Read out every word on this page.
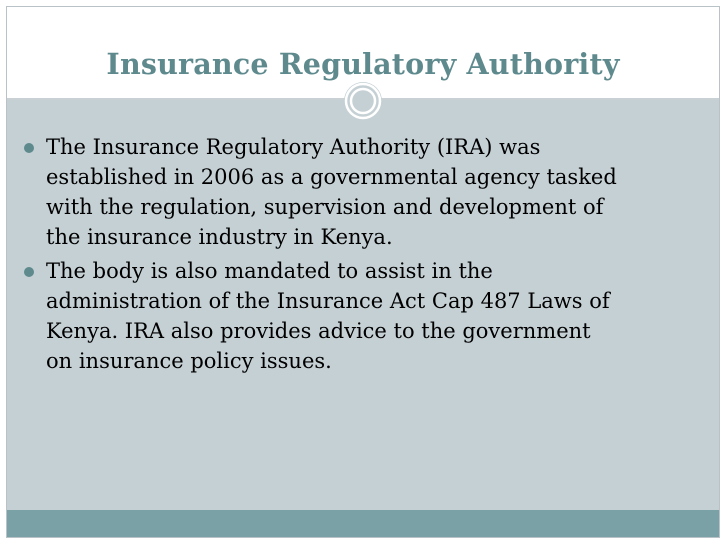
Insurance Regulatory Authority
The Insurance Regulatory Authority (IRA) was
established in 2006 as a governmental agency tasked
with the regulation, supervision and development of
the insurance industry in Kenya.
The body is also mandated to assist in the
administration of the Insurance Act Cap 487 Laws of
Kenya. IRA also provides advice to the government
on insurance policy issues.
